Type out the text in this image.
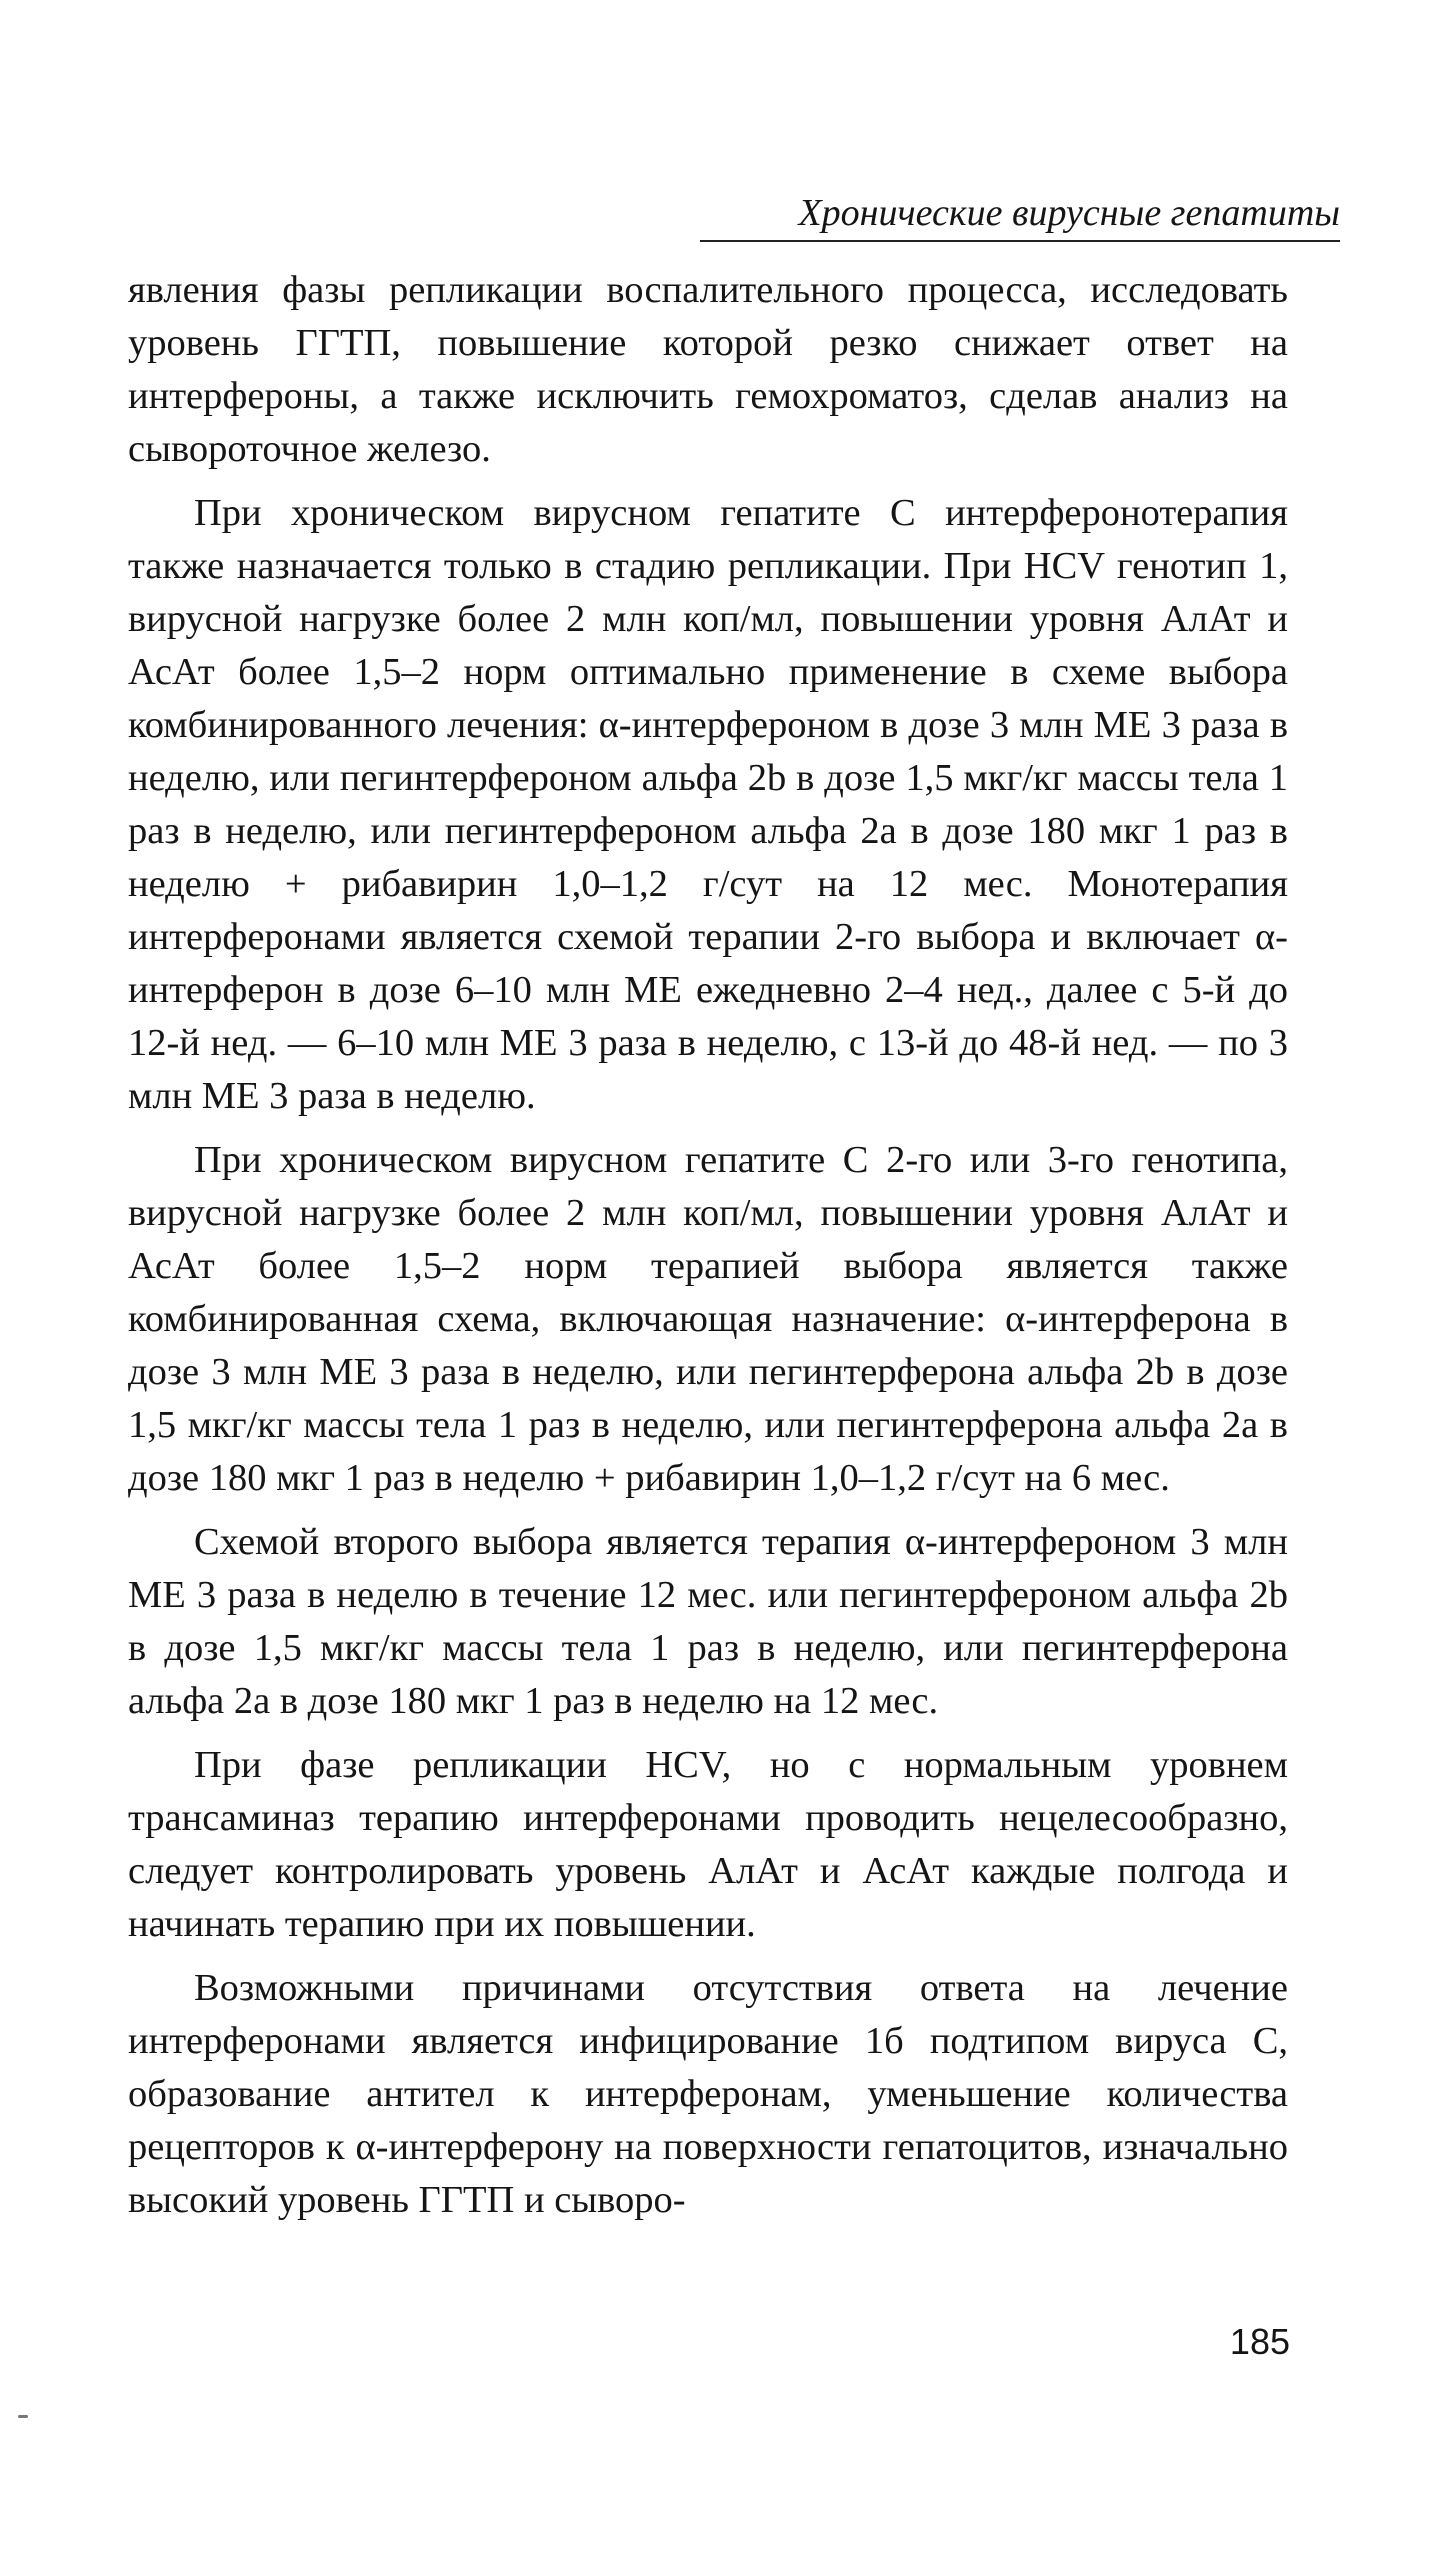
Хронические вирусные гепатиты

явления фазы репликации воспалительного процесса, исследовать уровень ГГТП, повышение которой резко снижает ответ на интерфероны, а также исключить гемохроматоз, сделав анализ на сывороточное железо.

При хроническом вирусном гепатите С интерферонотерапия также назначается только в стадию репликации. При HCV генотип 1, вирусной нагрузке более 2 млн коп/мл, повышении уровня АлАт и АсАт более 1,5–2 норм оптимально применение в схеме выбора комбинированного лечения: α-интерфероном в дозе 3 млн МЕ 3 раза в неделю, или пегинтерфероном альфа 2b в дозе 1,5 мкг/кг массы тела 1 раз в неделю, или пегинтерфероном альфа 2a в дозе 180 мкг 1 раз в неделю + рибавирин 1,0–1,2 г/сут на 12 мес. Монотерапия интерферонами является схемой терапии 2-го выбора и включает α-интерферон в дозе 6–10 млн МЕ ежедневно 2–4 нед., далее с 5-й до 12-й нед. — 6–10 млн МЕ 3 раза в неделю, с 13-й до 48-й нед. — по 3 млн МЕ 3 раза в неделю.

При хроническом вирусном гепатите С 2-го или 3-го генотипа, вирусной нагрузке более 2 млн коп/мл, повышении уровня АлАт и АсАт более 1,5–2 норм терапией выбора является также комбинированная схема, включающая назначение: α-интерферона в дозе 3 млн МЕ 3 раза в неделю, или пегинтерферона альфа 2b в дозе 1,5 мкг/кг массы тела 1 раз в неделю, или пегинтерферона альфа 2a в дозе 180 мкг 1 раз в неделю + рибавирин 1,0–1,2 г/сут на 6 мес.

Схемой второго выбора является терапия α-интерфероном 3 млн МЕ 3 раза в неделю в течение 12 мес. или пегинтерфероном альфа 2b в дозе 1,5 мкг/кг массы тела 1 раз в неделю, или пегинтерферона альфа 2a в дозе 180 мкг 1 раз в неделю на 12 мес.

При фазе репликации HCV, но с нормальным уровнем трансаминаз терапию интерферонами проводить нецелесообразно, следует контролировать уровень АлАт и АсАт каждые полгода и начинать терапию при их повышении.

Возможными причинами отсутствия ответа на лечение интерферонами является инфицирование 1б подтипом вируса С, образование антител к интерферонам, уменьшение количества рецепторов к α-интерферону на поверхности гепатоцитов, изначально высокий уровень ГГТП и сыворо-

185
